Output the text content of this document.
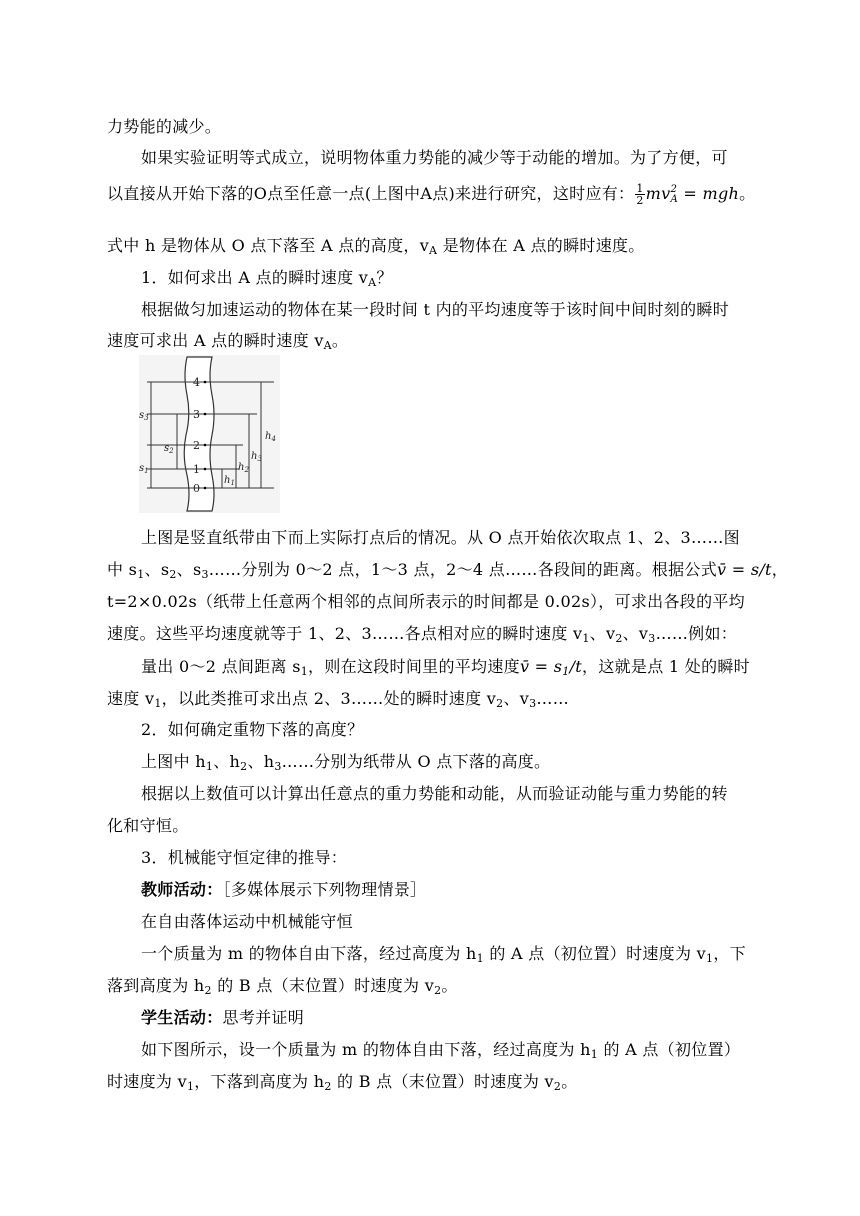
力势能的减少。
如果实验证明等式成立，说明物体重力势能的减少等于动能的增加。为了方便，可
以直接从开始下落的O点至任意一点(上图中A点)来进行研究，这时应有： $\frac{1}{2}$ mv 2
A = mgh。
式中 h 是物体从 O 点下落至 A 点的高度，$v_A$ 是物体在 A 点的瞬时速度。
1．如何求出 A 点的瞬时速度 $v_A$？
根据做匀加速运动的物体在某一段时间 t 内的平均速度等于该时间中间时刻的瞬时
速度可求出 A 点的瞬时速度 $v_A$。
4
3
2
1
0
$s_3$
$s_2$
$s_1$
$h_4$
$h_3$
$h_2$
$h_1$
上图是竖直纸带由下而上实际打点后的情况。从 O 点开始依次取点 1、2、3……图
中 $s_1$、$s_2$、$s_3\dots\dots$分别为 0～2 点，1～3 点，2～4 点……各段间的距离。根据公式v̄ = s/t，
t=2×0.02s（纸带上任意两个相邻的点间所表示的时间都是 0.02s），可求出各段的平均
速度。这些平均速度就等于 1、2、3……各点相对应的瞬时速度 $v_1$、$v_2$、$v_3\dots\dots$例如：
量出 0～2 点间距离 $s_1$，则在这段时间里的平均速度v̄ = $s_1/t$，这就是点 1 处的瞬时
速度 $v_1$，以此类推可求出点 2、3……处的瞬时速度 $v_2$、$v_3\dots\dots$
2．如何确定重物下落的高度？
上图中 $h_1$、$h_2$、$h_3\dots\dots$分别为纸带从 O 点下落的高度。
根据以上数值可以计算出任意点的重力势能和动能，从而验证动能与重力势能的转
化和守恒。
3．机械能守恒定律的推导：
教师活动：［多媒体展示下列物理情景］
在自由落体运动中机械能守恒
一个质量为 m 的物体自由下落，经过高度为 $h_1$ 的 A 点（初位置）时速度为 $v_1$，下
落到高度为 $h_2$ 的 B 点（末位置）时速度为 $v_2$。
学生活动：思考并证明
如下图所示，设一个质量为 m 的物体自由下落，经过高度为 $h_1$ 的 A 点（初位置）
时速度为 $v_1$，下落到高度为 $h_2$ 的 B 点（末位置）时速度为 $v_2$。
